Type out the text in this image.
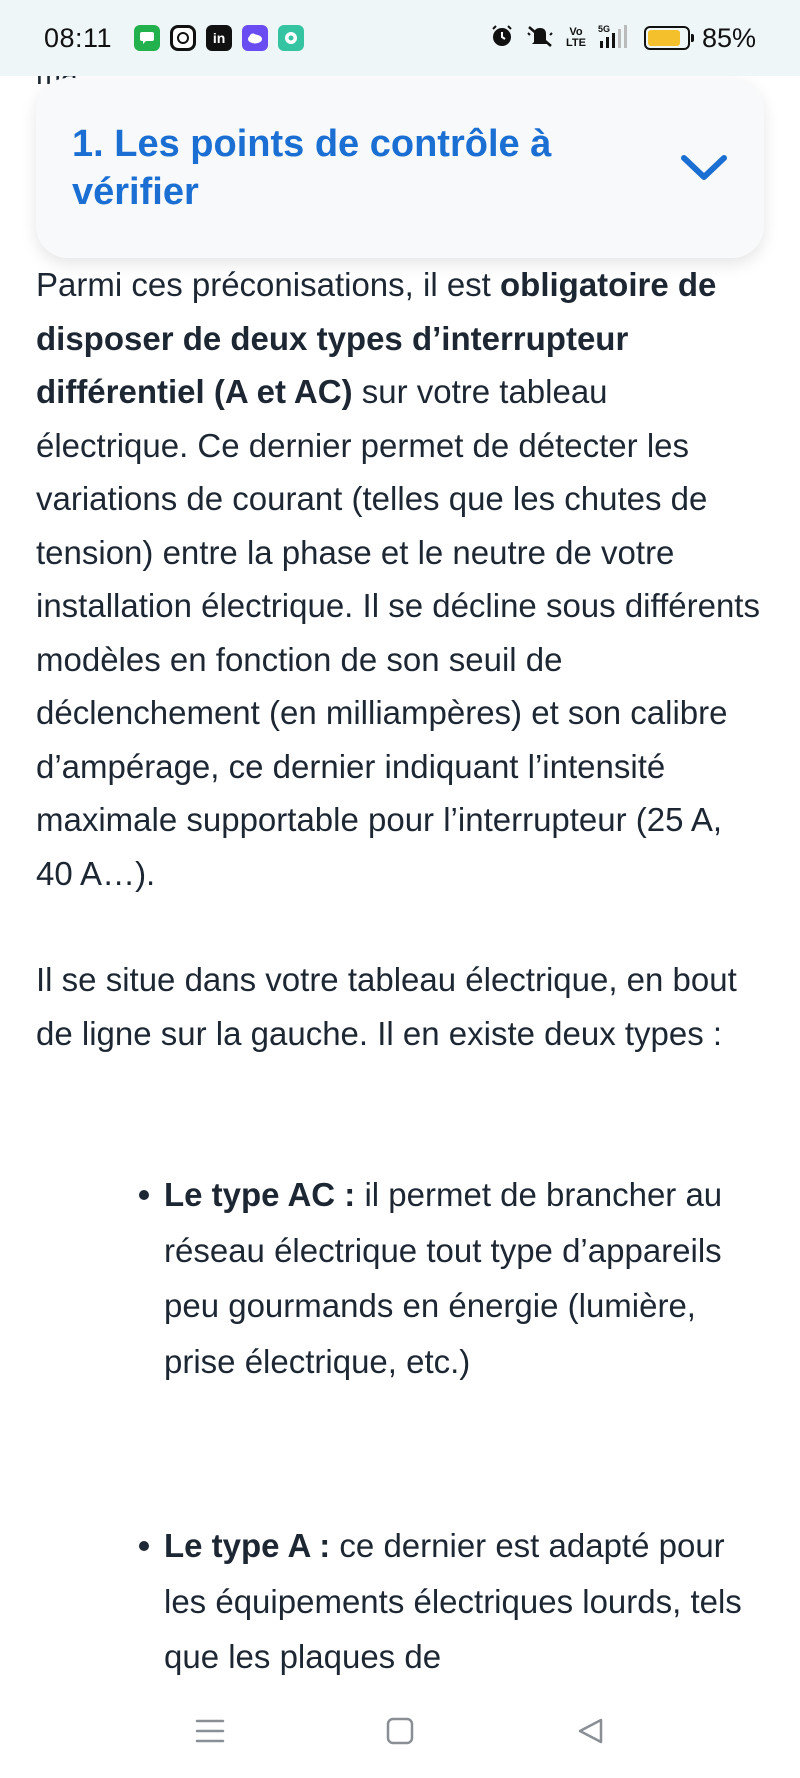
08:11	in	Vo
LTE
5G	85%
1. Les points de contrôle à
vérifier

Parmi ces préconisations, il est obligatoire de disposer de deux types d’interrupteur différentiel (A et AC) sur votre tableau électrique. Ce dernier permet de détecter les variations de courant (telles que les chutes de tension) entre la phase et le neutre de votre installation électrique. Il se décline sous différents modèles en fonction de son seuil de déclenchement (en milliampères) et son calibre d’ampérage, ce dernier indiquant l’intensité maximale supportable pour l’interrupteur (25 A, 40 A…).

Il se situe dans votre tableau électrique, en bout de ligne sur la gauche. Il en existe deux types :

Le type AC : il permet de brancher au réseau électrique tout type d’appareils peu gourmands en énergie (lumière, prise électrique, etc.)
Le type A : ce dernier est adapté pour les équipements électriques lourds, tels que les plaques de
